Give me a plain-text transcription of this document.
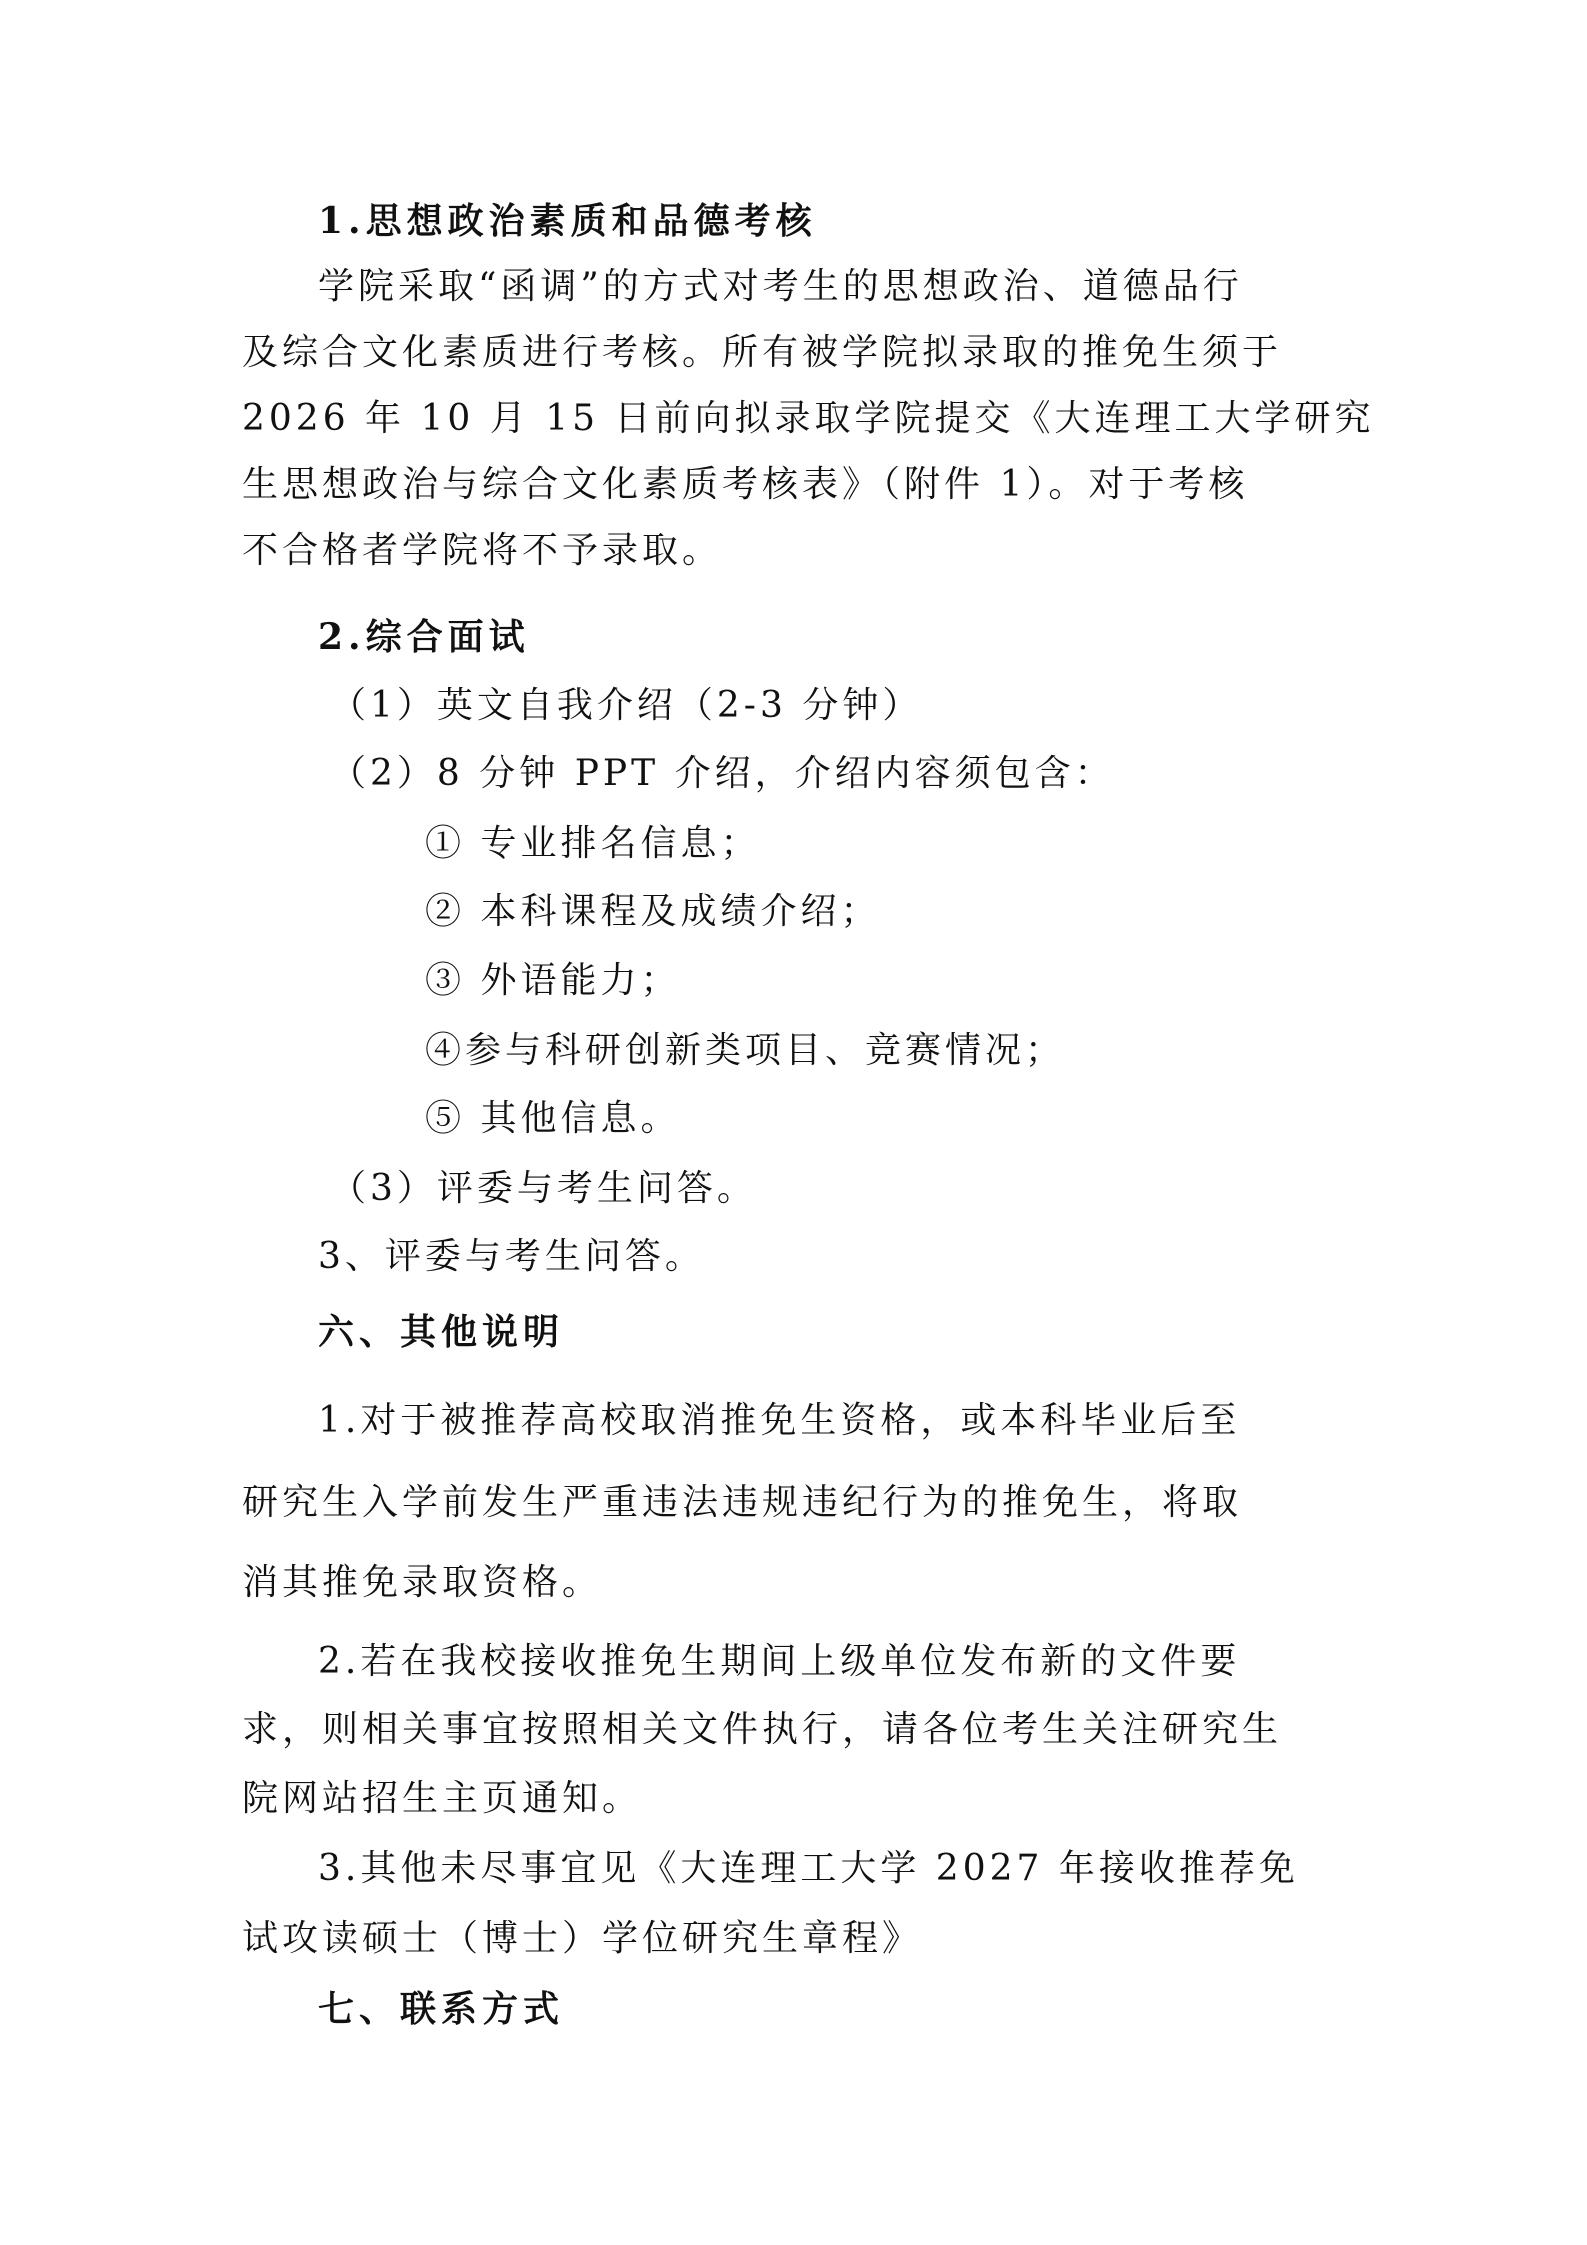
1.思想政治素质和品德考核
学院采取“函调”的方式对考生的思想政治、道德品行
及综合文化素质进行考核。所有被学院拟录取的推免生须于
2026 年 10 月 15 日前向拟录取学院提交《大连理工大学研究
生思想政治与综合文化素质考核表》（附件 1）。对于考核
不合格者学院将不予录取。
2.综合面试
（1）英文自我介绍（2-3 分钟）
（2）8 分钟 PPT 介绍，介绍内容须包含：
① 专业排名信息；
② 本科课程及成绩介绍；
③ 外语能力；
④参与科研创新类项目、竞赛情况；
⑤ 其他信息。
（3）评委与考生问答。
3、评委与考生问答。
六、其他说明
1.对于被推荐高校取消推免生资格，或本科毕业后至
研究生入学前发生严重违法违规违纪行为的推免生，将取
消其推免录取资格。
2.若在我校接收推免生期间上级单位发布新的文件要
求，则相关事宜按照相关文件执行，请各位考生关注研究生
院网站招生主页通知。
3.其他未尽事宜见《大连理工大学 2027 年接收推荐免
试攻读硕士（博士）学位研究生章程》
七、联系方式
